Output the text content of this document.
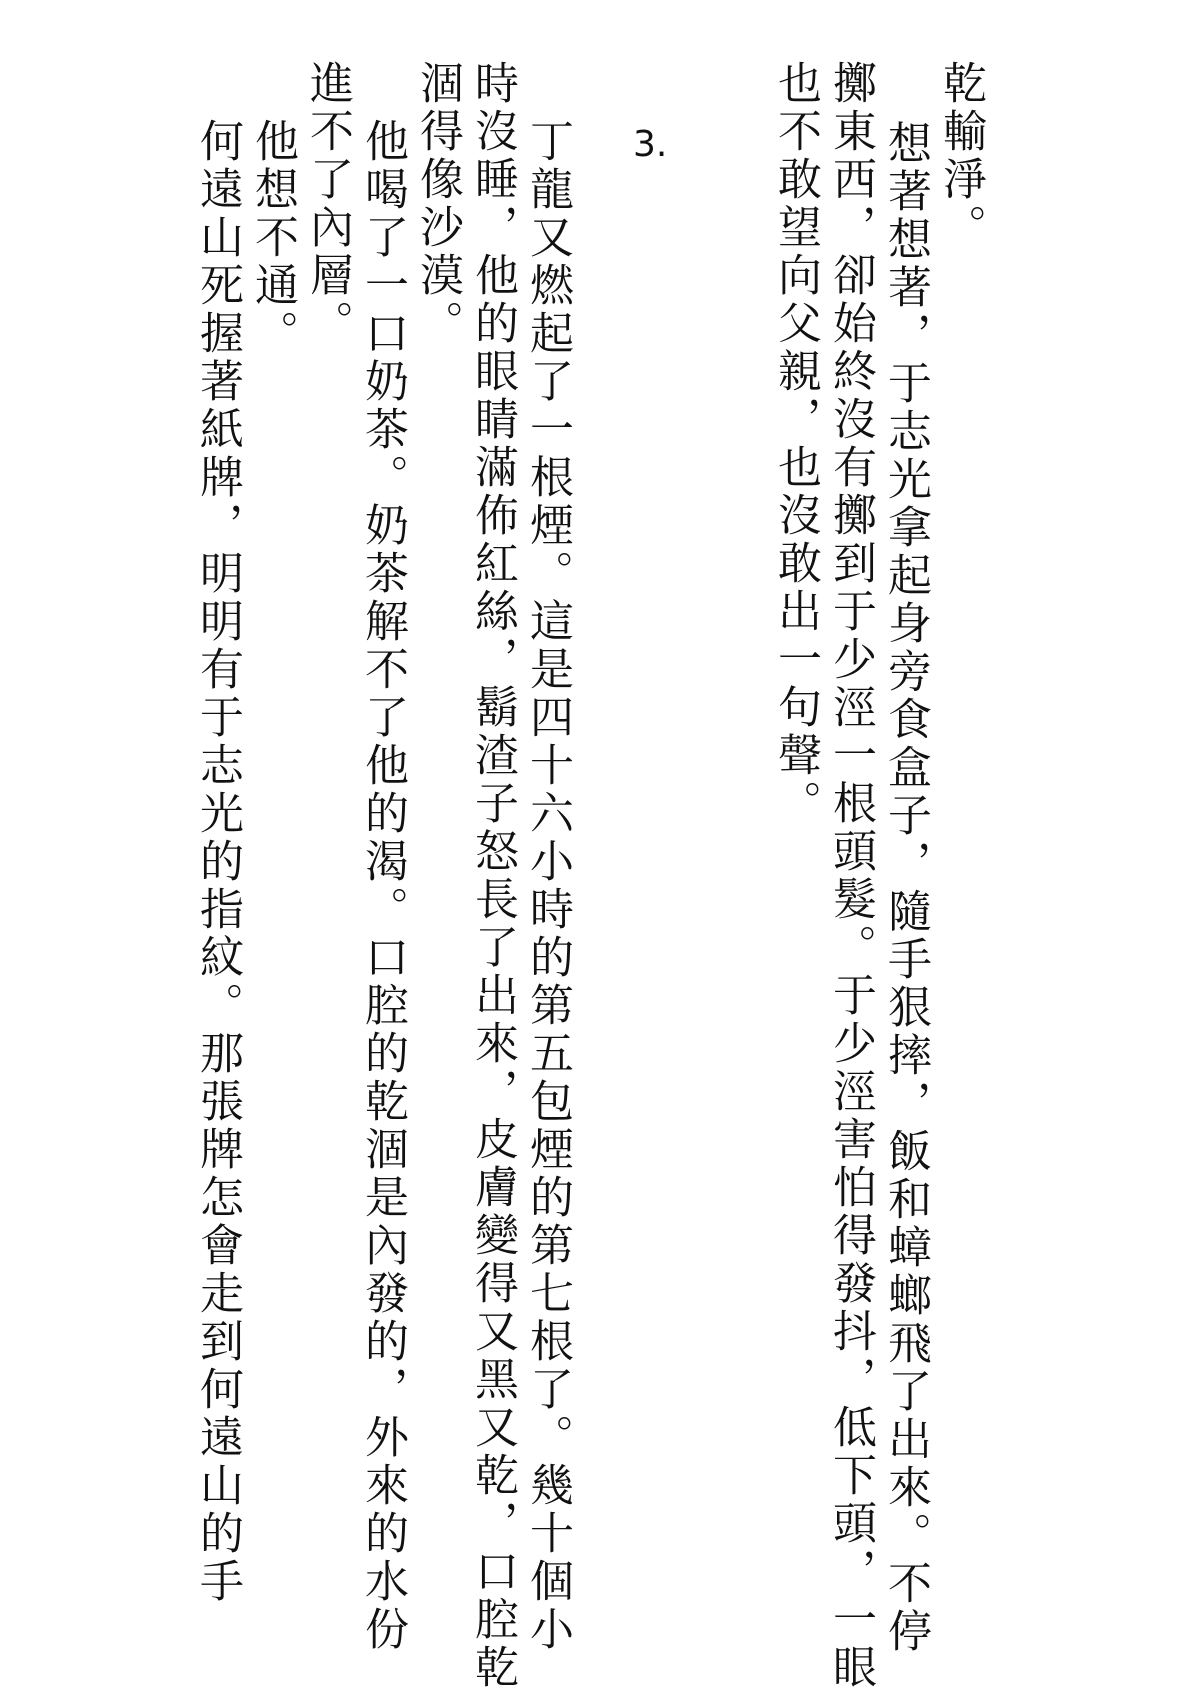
乾輸淨。
想著想著，于志光拿起身旁食盒子，隨手狠摔，飯和蟑螂飛了出來。不停
擲東西，卻始終沒有擲到于少涇一根頭髮。于少涇害怕得發抖，低下頭，一眼
也不敢望向父親，也沒敢出一句聲。
3.
丁龍又燃起了一根煙。這是四十六小時的第五包煙的第七根了。幾十個小
時沒睡，他的眼睛滿佈紅絲，鬍渣子怒長了出來，皮膚變得又黑又乾，口腔乾
涸得像沙漠。
他喝了一口奶茶。奶茶解不了他的渴。口腔的乾涸是內發的，外來的水份
進不了內層。
他想不通。
何遠山死握著紙牌，明明有于志光的指紋。那張牌怎會走到何遠山的手
